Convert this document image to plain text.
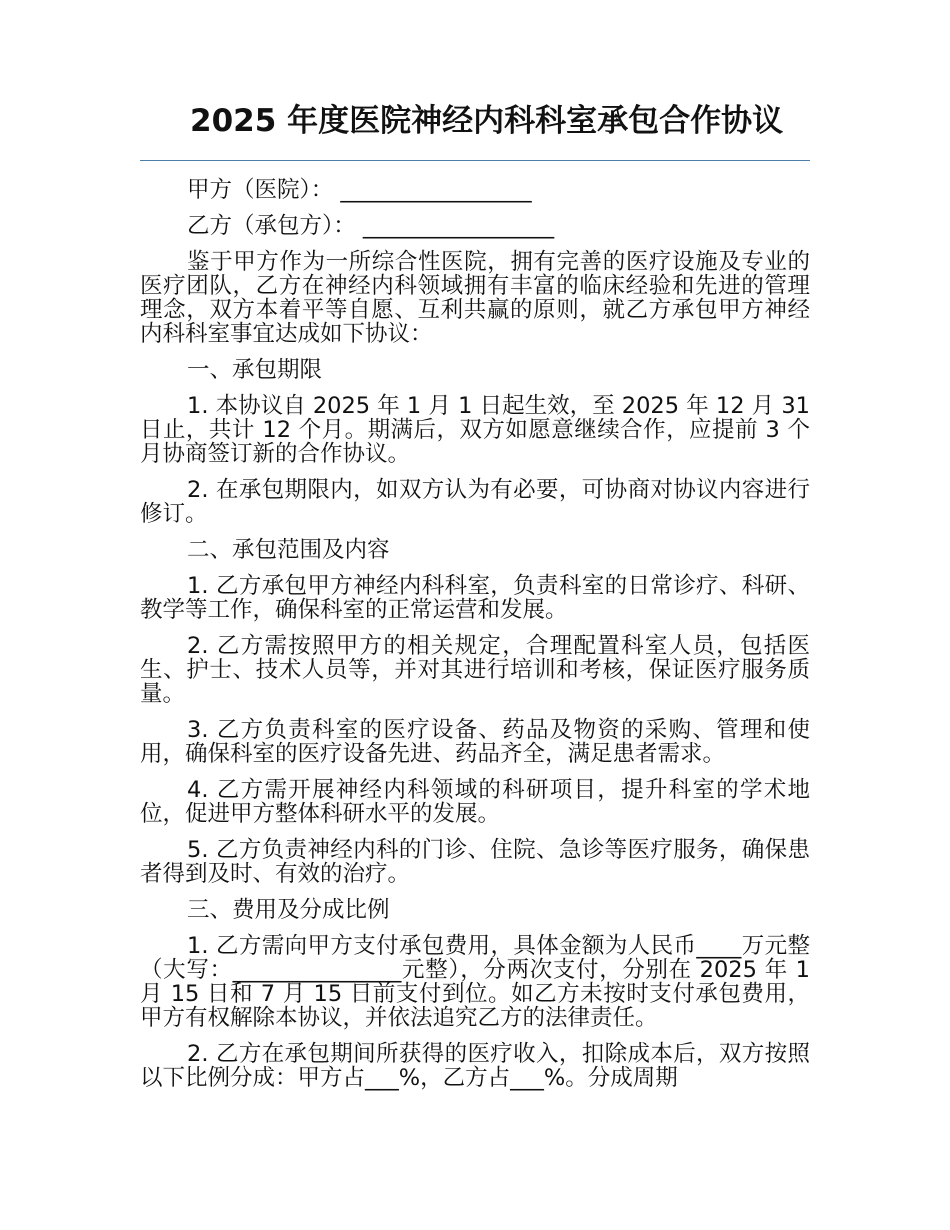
2025 年度医院神经内科科室承包合作协议

甲方（医院）： _________________

乙方（承包方）： _________________

鉴于甲方作为一所综合性医院，拥有完善的医疗设施及专业的医疗团队，乙方在神经内科领域拥有丰富的临床经验和先进的管理理念，双方本着平等自愿、互利共赢的原则，就乙方承包甲方神经内科科室事宜达成如下协议：

一、承包期限

1. 本协议自 2025 年 1 月 1 日起生效，至 2025 年 12 月 31 日止，共计 12 个月。期满后，双方如愿意继续合作，应提前 3 个月协商签订新的合作协议。

2. 在承包期限内，如双方认为有必要，可协商对协议内容进行修订。

二、承包范围及内容

1. 乙方承包甲方神经内科科室，负责科室的日常诊疗、科研、教学等工作，确保科室的正常运营和发展。

2. 乙方需按照甲方的相关规定，合理配置科室人员，包括医生、护士、技术人员等，并对其进行培训和考核，保证医疗服务质量。

3. 乙方负责科室的医疗设备、药品及物资的采购、管理和使用，确保科室的医疗设备先进、药品齐全，满足患者需求。

4. 乙方需开展神经内科领域的科研项目，提升科室的学术地位，促进甲方整体科研水平的发展。

5. 乙方负责神经内科的门诊、住院、急诊等医疗服务，确保患者得到及时、有效的治疗。

三、费用及分成比例

1. 乙方需向甲方支付承包费用，具体金额为人民币____万元整（大写：_______________元整），分两次支付，分别在 2025 年 1 月 15 日和 7 月 15 日前支付到位。如乙方未按时支付承包费用，甲方有权解除本协议，并依法追究乙方的法律责任。

2. 乙方在承包期间所获得的医疗收入，扣除成本后，双方按照以下比例分成：甲方占___%，乙方占___%。分成周期
